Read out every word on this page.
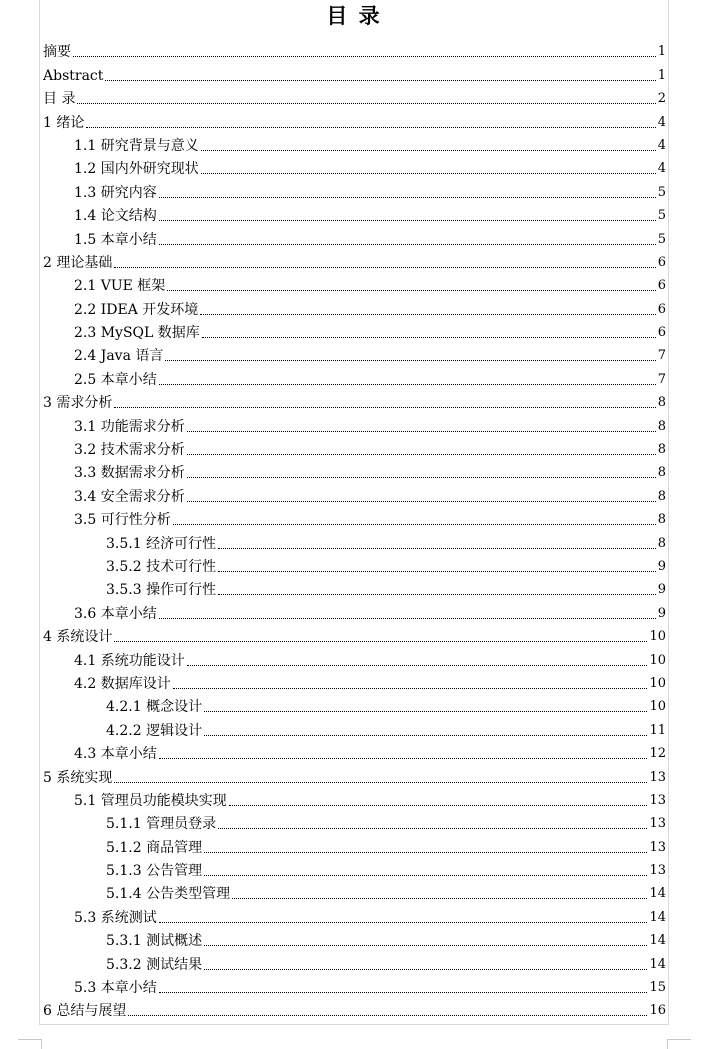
目 录
摘要	1
Abstract	1
目 录	2
1 绪论	4
1.1 研究背景与意义	4
1.2 国内外研究现状	4
1.3 研究内容	5
1.4 论文结构	5
1.5 本章小结	5
2 理论基础	6
2.1 VUE 框架	6
2.2 IDEA 开发环境	6
2.3 MySQL 数据库	6
2.4 Java 语言	7
2.5 本章小结	7
3 需求分析	8
3.1 功能需求分析	8
3.2 技术需求分析	8
3.3 数据需求分析	8
3.4 安全需求分析	8
3.5 可行性分析	8
3.5.1 经济可行性	8
3.5.2 技术可行性	9
3.5.3 操作可行性	9
3.6 本章小结	9
4 系统设计	10
4.1 系统功能设计	10
4.2 数据库设计	10
4.2.1 概念设计	10
4.2.2 逻辑设计	11
4.3 本章小结	12
5 系统实现	13
5.1 管理员功能模块实现	13
5.1.1 管理员登录	13
5.1.2 商品管理	13
5.1.3 公告管理	13
5.1.4 公告类型管理	14
5.3 系统测试	14
5.3.1 测试概述	14
5.3.2 测试结果	14
5.3 本章小结	15
6 总结与展望	16
